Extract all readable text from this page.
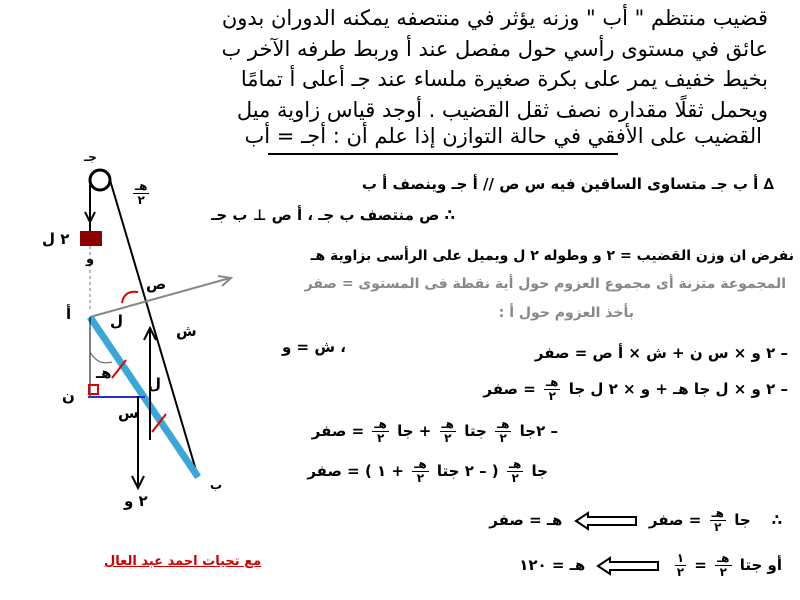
قضيب منتظم " أب " وزنه يؤثر في منتصفه يمكنه الدوران بدون
عائق في مستوى رأسي حول مفصل عند أ وربط طرفه الآخر ب
بخيط خفيف يمر على بكرة صغيرة ملساء عند جـ أعلى أ تمامًا
ويحمل ثقلًا مقداره نصف ثقل القضيب . أوجد قياس زاوية ميل
القضيب على الأفقي في حالة التوازن إذا علم أن : أجـ = أب
∆ أ ب جـ متساوى الساقين فيه س ص // أ جـ وينصف أ ب
∴ ص منتصف ب جـ ، أ ص ⊥ ب جـ
نفرض ان وزن القضيب = ٢ و وطوله ٢ ل ويميل على الرأسى بزاوية هـ
المجموعة متزنة أى مجموع العزوم حول أية نقطة فى المستوى = صفر
بأخذ العزوم حول أ :
، ش = و	– ٢ و × س ن + ش × أ ص = صفر
– ٢ و × ل جا هـ + و × ٢ ل جا
$\frac{\text{هـ}}{٢}$
= صفر
– ٢جا
$\frac{\text{هـ}}{٢}$
جتا
$\frac{\text{هـ}}{٢}$
+ جا
$\frac{\text{هـ}}{٢}$
= صفر
جا
$\frac{\text{هـ}}{٢}$
( – ٢ جتا
$\frac{\text{هـ}}{٢}$
+ ١ ) = صفر
∴    جا
$\frac{\text{هـ}}{٢}$
= صفر  هـ = صفر
أو جتا
$\frac{\text{هـ}}{٢}$
=
$\frac{١}{٢}$
هـ = ١٢٠
جـ
$\frac{\text{هـ}}{٢}$
٢ ل
و
ص
أ	ل
ش
هـ
ل
ن
س
ب
٢ و
مع تحيات احمد عبد العال
